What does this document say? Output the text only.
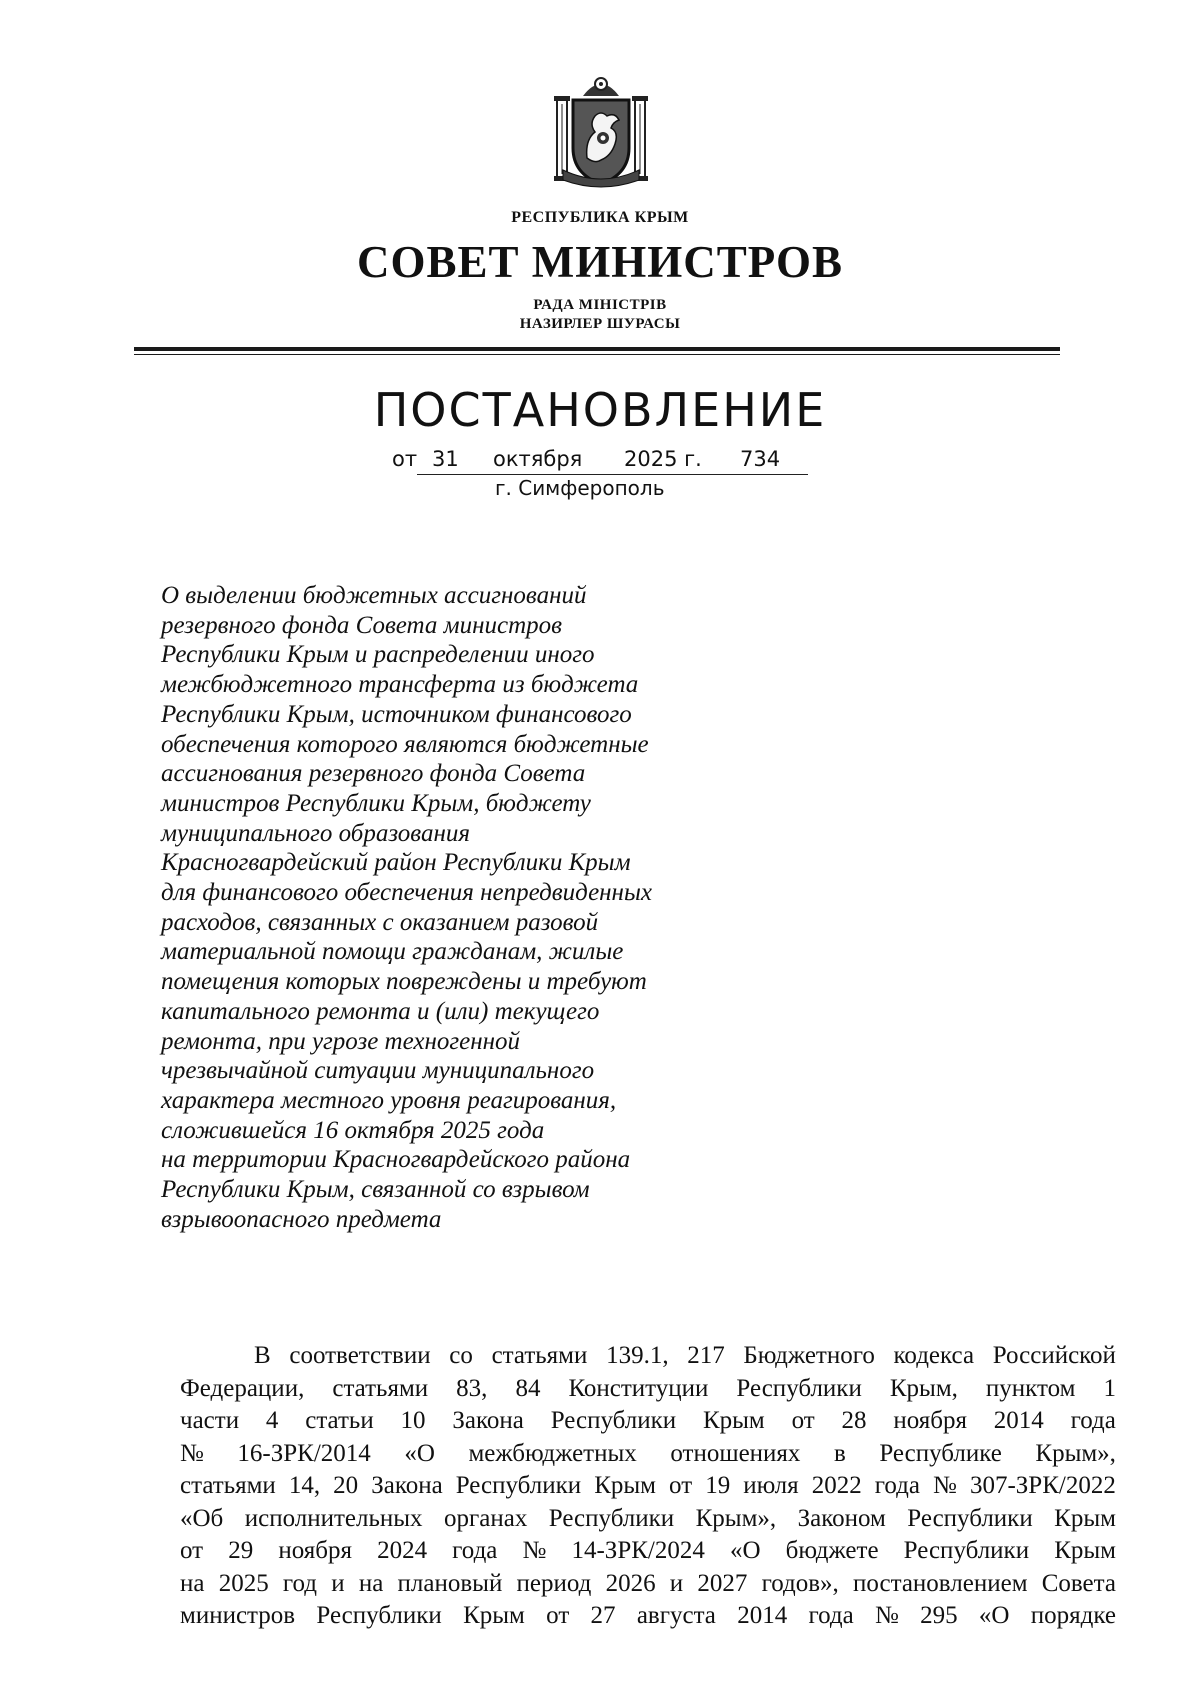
РЕСПУБЛИКА КРЫМ
СОВЕТ МИНИСТРОВ
РАДА МІНІСТРІВ
НАЗИРЛЕР ШУРАСЫ
ПОСТАНОВЛЕНИЕ
от 31 октября 2025 г. 734
г. Симферополь
О выделении бюджетных ассигнований
резервного фонда Совета министров
Республики Крым и распределении иного
межбюджетного трансферта из бюджета
Республики Крым, источником финансового
обеспечения которого являются бюджетные
ассигнования резервного фонда Совета
министров Республики Крым, бюджету
муниципального образования
Красногвардейский район Республики Крым
для финансового обеспечения непредвиденных
расходов, связанных с оказанием разовой
материальной помощи гражданам, жилые
помещения которых повреждены и требуют
капитального ремонта и (или) текущего
ремонта, при угрозе техногенной
чрезвычайной ситуации муниципального
характера местного уровня реагирования,
сложившейся 16 октября 2025 года
на территории Красногвардейского района
Республики Крым, связанной со взрывом
взрывоопасного предмета
В соответствии со статьями 139.1, 217 Бюджетного кодекса Российской
Федерации, статьями 83, 84 Конституции Республики Крым, пунктом 1
части 4 статьи 10 Закона Республики Крым от 28 ноября 2014 года
№ 16-ЗРК/2014 «О межбюджетных отношениях в Республике Крым»,
статьями 14, 20 Закона Республики Крым от 19 июля 2022 года № 307-ЗРК/2022
«Об исполнительных органах Республики Крым», Законом Республики Крым
от 29 ноября 2024 года № 14-ЗРК/2024 «О бюджете Республики Крым
на 2025 год и на плановый период 2026 и 2027 годов», постановлением Совета
министров Республики Крым от 27 августа 2014 года № 295 «О порядке
